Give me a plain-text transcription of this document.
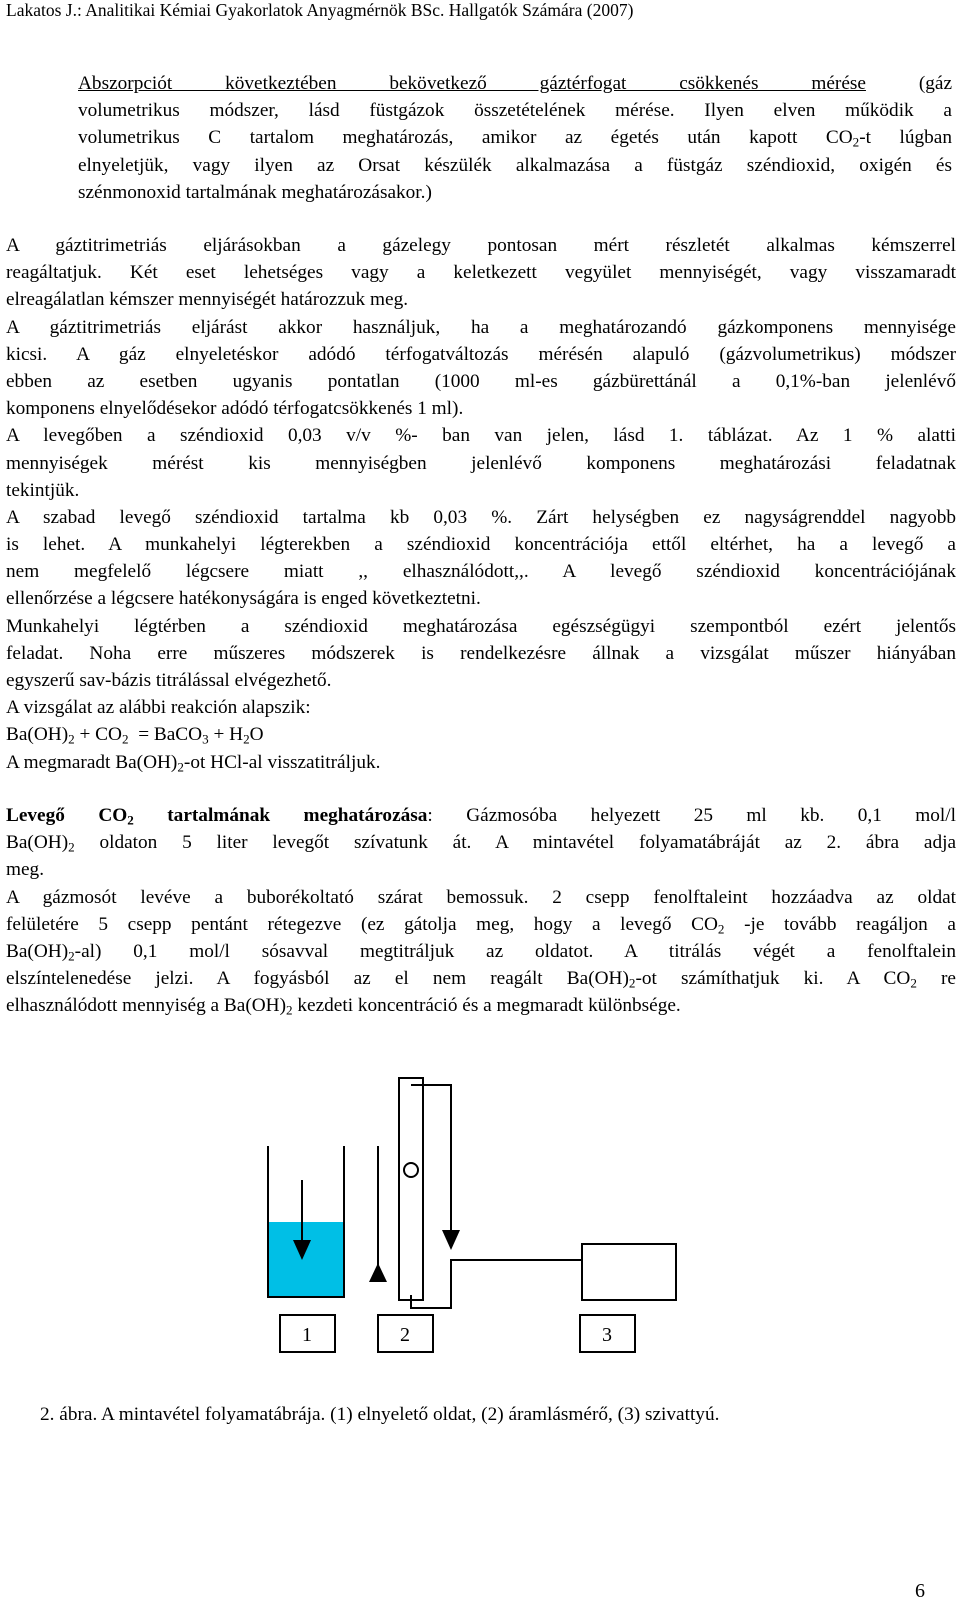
Lakatos J.: Analitikai Kémiai Gyakorlatok Anyagmérnök BSc. Hallgatók Számára (2007)
Abszorpciót következtében bekövetkező gáztérfogat csökkenés mérése (gáz
volumetrikus módszer, lásd füstgázok összetételének mérése. Ilyen elven működik a
volumetrikus C tartalom meghatározás, amikor az égetés után kapott $CO_2-t$ lúgban
elnyeletjük, vagy ilyen az Orsat készülék alkalmazása a füstgáz széndioxid, oxigén és
szénmonoxid tartalmának meghatározásakor.)
A gáztitrimetriás eljárásokban a gázelegy pontosan mért részletét alkalmas kémszerrel
reagáltatjuk. Két eset lehetséges vagy a keletkezett vegyület mennyiségét, vagy visszamaradt
elreagálatlan kémszer mennyiségét határozzuk meg.
A gáztitrimetriás eljárást akkor használjuk, ha a meghatározandó gázkomponens mennyisége
kicsi. A gáz elnyeletéskor adódó térfogatváltozás mérésén alapuló (gázvolumetrikus) módszer
ebben az esetben ugyanis pontatlan (1000 ml-es gázbürettánál a 0,1%-ban jelenlévő
komponens elnyelődésekor adódó térfogatcsökkenés 1 ml).
A levegőben a széndioxid 0,03 v/v %- ban van jelen, lásd 1. táblázat. Az 1 % alatti
mennyiségek mérést kis mennyiségben jelenlévő komponens meghatározási feladatnak
tekintjük.
A szabad levegő széndioxid tartalma kb 0,03 %. Zárt helységben ez nagyságrenddel nagyobb
is lehet. A munkahelyi légterekben a széndioxid koncentrációja ettől eltérhet, ha a levegő a
nem megfelelő légcsere miatt ,, elhasználódott,,. A levegő széndioxid koncentrációjának
ellenőrzése a légcsere hatékonyságára is enged következtetni.
Munkahelyi légtérben a széndioxid meghatározása egészségügyi szempontból ezért jelentős
feladat. Noha erre műszeres módszerek is rendelkezésre állnak a vizsgálat műszer hiányában
egyszerű sav-bázis titrálással elvégezhető.
A vizsgálat az alábbi reakción alapszik:
$Ba(OH)_2 + CO_2$  = BaCO$_3$ + $H_2O$
A megmaradt $Ba(OH)_2-ot$ HCl-al visszatitráljuk.
Levegő $CO_2$ tartalmának meghatározása: Gázmosóba helyezett 25 ml kb. 0,1 mol/l
$Ba(OH)_2$ oldaton 5 liter levegőt szívatunk át. A mintavétel folyamatábráját az 2. ábra adja
meg.
A gázmosót levéve a buborékoltató szárat bemossuk. 2 csepp fenolftaleint hozzáadva az oldat
felületére 5 csepp pentánt rétegezve (ez gátolja meg, hogy a levegő $CO_2$ -je tovább reagáljon a
$Ba(OH)_2-al$) 0,1 mol/l sósavval megtitráljuk az oldatot. A titrálás végét a fenolftalein
elszíntelenedése jelzi. A fogyásból az el nem reagált $Ba(OH)_2-ot$ számíthatjuk ki. A $CO_2$ re
elhasználódott mennyiség a $Ba(OH)_2$ kezdeti koncentráció és a megmaradt különbsége.
1	2	3
2. ábra. A mintavétel folyamatábrája. (1) elnyelető oldat, (2) áramlásmérő, (3) szivattyú.
6
